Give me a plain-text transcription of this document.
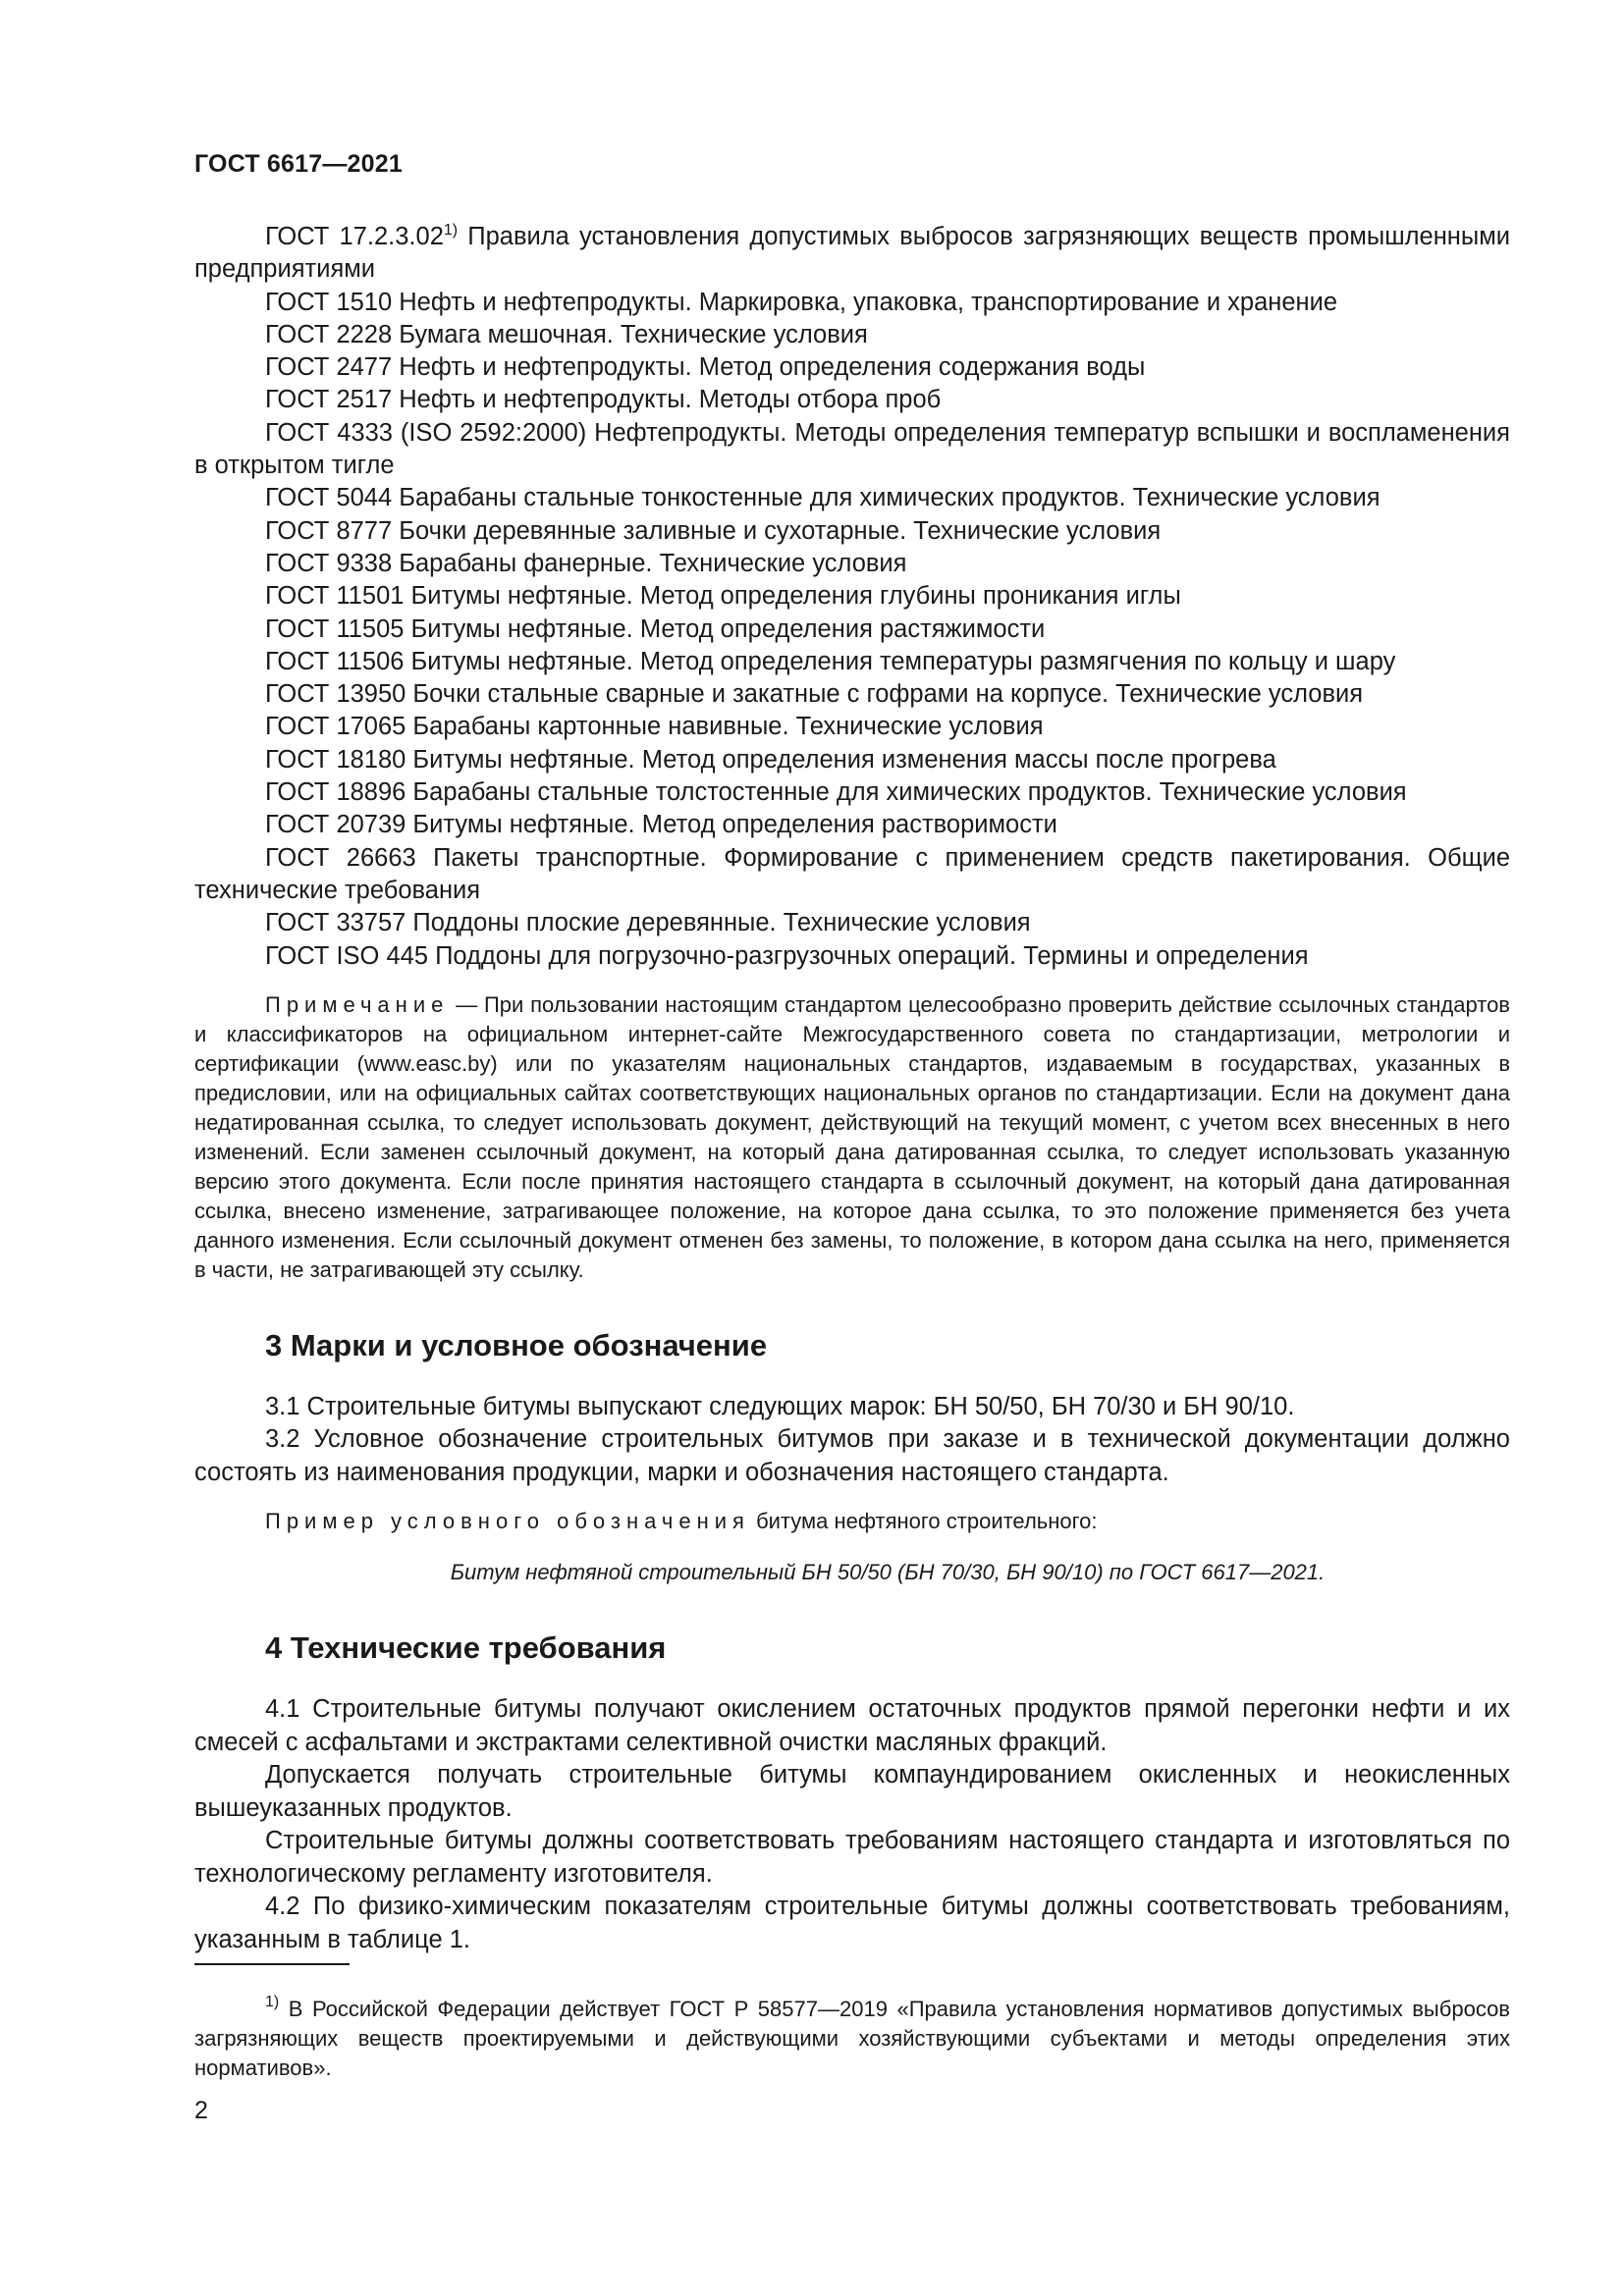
ГОСТ 6617—2021

ГОСТ 17.2.3.02$^{1)}$ Правила установления допустимых выбросов загрязняющих веществ промышленными предприятиями

ГОСТ 1510 Нефть и нефтепродукты. Маркировка, упаковка, транспортирование и хранение

ГОСТ 2228 Бумага мешочная. Технические условия

ГОСТ 2477 Нефть и нефтепродукты. Метод определения содержания воды

ГОСТ 2517 Нефть и нефтепродукты. Методы отбора проб

ГОСТ 4333 (ISO 2592:2000) Нефтепродукты. Методы определения температур вспышки и воспламенения в открытом тигле

ГОСТ 5044 Барабаны стальные тонкостенные для химических продуктов. Технические условия

ГОСТ 8777 Бочки деревянные заливные и сухотарные. Технические условия

ГОСТ 9338 Барабаны фанерные. Технические условия

ГОСТ 11501 Битумы нефтяные. Метод определения глубины проникания иглы

ГОСТ 11505 Битумы нефтяные. Метод определения растяжимости

ГОСТ 11506 Битумы нефтяные. Метод определения температуры размягчения по кольцу и шару

ГОСТ 13950 Бочки стальные сварные и закатные с гофрами на корпусе. Технические условия

ГОСТ 17065 Барабаны картонные навивные. Технические условия

ГОСТ 18180 Битумы нефтяные. Метод определения изменения массы после прогрева

ГОСТ 18896 Барабаны стальные толстостенные для химических продуктов. Технические условия

ГОСТ 20739 Битумы нефтяные. Метод определения растворимости

ГОСТ 26663 Пакеты транспортные. Формирование с применением средств пакетирования. Общие технические требования

ГОСТ 33757 Поддоны плоские деревянные. Технические условия

ГОСТ ISO 445 Поддоны для погрузочно-разгрузочных операций. Термины и определения

Примечание — При пользовании настоящим стандартом целесообразно проверить действие ссылочных стандартов и классификаторов на официальном интернет-сайте Межгосударственного совета по стандартизации, метрологии и сертификации (www.easc.by) или по указателям национальных стандартов, издаваемым в государствах, указанных в предисловии, или на официальных сайтах соответствующих национальных органов по стандартизации. Если на документ дана недатированная ссылка, то следует использовать документ, действующий на текущий момент, с учетом всех внесенных в него изменений. Если заменен ссылочный документ, на который дана датированная ссылка, то следует использовать указанную версию этого документа. Если после принятия настоящего стандарта в ссылочный документ, на который дана датированная ссылка, внесено изменение, затрагивающее положение, на которое дана ссылка, то это положение применяется без учета данного изменения. Если ссылочный документ отменен без замены, то положение, в котором дана ссылка на него, применяется в части, не затрагивающей эту ссылку.

3 Марки и условное обозначение

3.1 Строительные битумы выпускают следующих марок: БН 50/50, БН 70/30 и БН 90/10.

3.2 Условное обозначение строительных битумов при заказе и в технической документации должно состоять из наименования продукции, марки и обозначения настоящего стандарта.

Пример условного обозначения битума нефтяного строительного:

Битум нефтяной строительный БН 50/50 (БН 70/30, БН 90/10) по ГОСТ 6617—2021.

4 Технические требования

4.1 Строительные битумы получают окислением остаточных продуктов прямой перегонки нефти и их смесей с асфальтами и экстрактами селективной очистки масляных фракций.

Допускается получать строительные битумы компаундированием окисленных и неокисленных вышеуказанных продуктов.

Строительные битумы должны соответствовать требованиям настоящего стандарта и изготовляться по технологическому регламенту изготовителя.

4.2 По физико-химическим показателям строительные битумы должны соответствовать требованиям, указанным в таблице 1.

$^{1)}$ В Российской Федерации действует ГОСТ Р 58577—2019 «Правила установления нормативов допустимых выбросов загрязняющих веществ проектируемыми и действующими хозяйствующими субъектами и методы определения этих нормативов».

2
